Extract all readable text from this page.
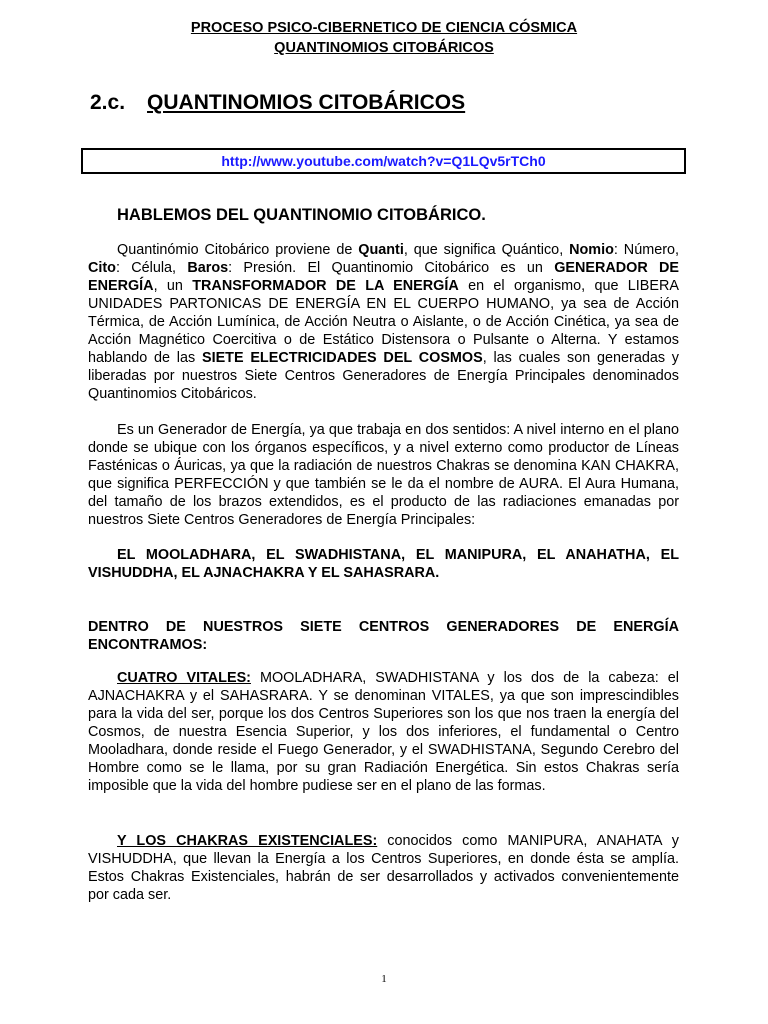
PROCESO PSICO-CIBERNETICO DE CIENCIA CÓSMICA
QUANTINOMIOS CITOBÁRICOS
2.c. QUANTINOMIOS CITOBÁRICOS
http://www.youtube.com/watch?v=Q1LQv5rTCh0
HABLEMOS DEL QUANTINOMIO CITOBÁRICO.

Quantinómio Citobárico proviene de Quanti, que significa Quántico, Nomio: Número, Cito: Célula, Baros: Presión. El Quantinomio Citobárico es un GENERADOR DE ENERGÍA, un TRANSFORMADOR DE LA ENERGÍA en el organismo, que LIBERA UNIDADES PARTONICAS DE ENERGÍA EN EL CUERPO HUMANO, ya sea de Acción Térmica, de Acción Lumínica, de Acción Neutra o Aislante, o de Acción Cinética, ya sea de Acción Magnético Coercitiva o de Estático Distensora o Pulsante o Alterna. Y estamos hablando de las SIETE ELECTRICIDADES DEL COSMOS, las cuales son generadas y liberadas por nuestros Siete Centros Generadores de Energía Principales denominados Quantinomios Citobáricos.

Es un Generador de Energía, ya que trabaja en dos sentidos: A nivel interno en el plano donde se ubique con los órganos específicos, y a nivel externo como productor de Líneas Fasténicas o Áuricas, ya que la radiación de nuestros Chakras se denomina KAN CHAKRA, que significa PERFECCIÓN y que también se le da el nombre de AURA. El Aura Humana, del tamaño de los brazos extendidos, es el producto de las radiaciones emanadas por nuestros Siete Centros Generadores de Energía Principales:

EL MOOLADHARA, EL SWADHISTANA, EL MANIPURA, EL ANAHATHA, EL VISHUDDHA, EL AJNACHAKRA Y EL SAHASRARA.

DENTRO DE NUESTROS SIETE CENTROS GENERADORES DE ENERGÍA ENCONTRAMOS:

CUATRO VITALES: MOOLADHARA, SWADHISTANA y los dos de la cabeza: el AJNACHAKRA y el SAHASRARA. Y se denominan VITALES, ya que son imprescindibles para la vida del ser, porque los dos Centros Superiores son los que nos traen la energía del Cosmos, de nuestra Esencia Superior, y los dos inferiores, el fundamental o Centro Mooladhara, donde reside el Fuego Generador, y el SWADHISTANA, Segundo Cerebro del Hombre como se le llama, por su gran Radiación Energética. Sin estos Chakras sería imposible que la vida del hombre pudiese ser en el plano de las formas.

Y LOS CHAKRAS EXISTENCIALES: conocidos como MANIPURA, ANAHATA y VISHUDDHA, que llevan la Energía a los Centros Superiores, en donde ésta se amplía. Estos Chakras Existenciales, habrán de ser desarrollados y activados convenientemente por cada ser.

1
